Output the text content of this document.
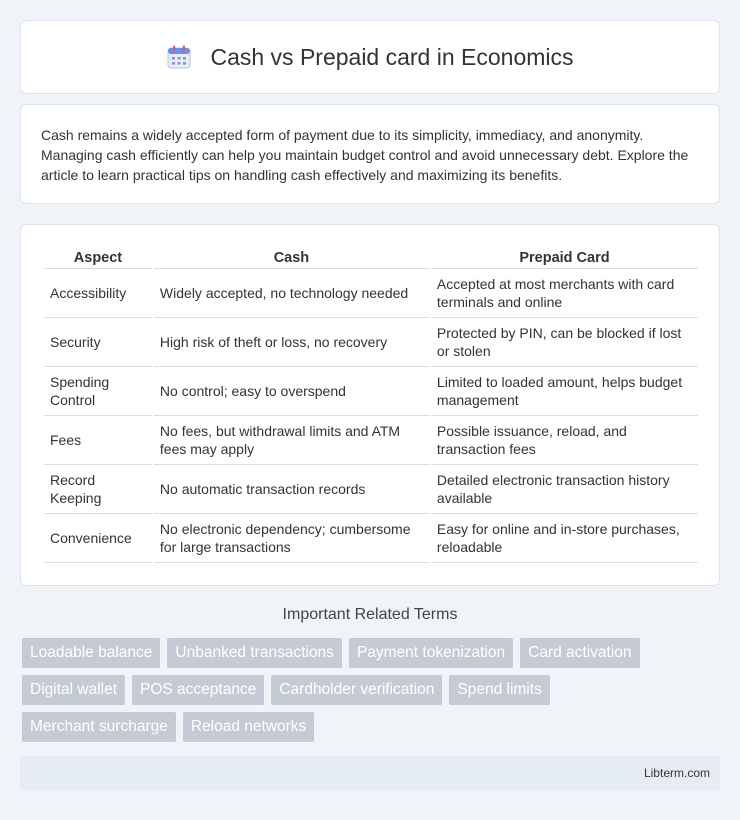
Cash vs Prepaid card in Economics

Cash remains a widely accepted form of payment due to its simplicity, immediacy, and anonymity. Managing cash efficiently can help you maintain budget control and avoid unnecessary debt. Explore the article to learn practical tips on handling cash effectively and maximizing its benefits.

Aspect	Cash	Prepaid Card
Accessibility	Widely accepted, no technology needed	Accepted at most merchants with card terminals and online
Security	High risk of theft or loss, no recovery	Protected by PIN, can be blocked if lost or stolen
Spending Control	No control; easy to overspend	Limited to loaded amount, helps budget management
Fees	No fees, but withdrawal limits and ATM fees may apply	Possible issuance, reload, and transaction fees
Record Keeping	No automatic transaction records	Detailed electronic transaction history available
Convenience	No electronic dependency; cumbersome for large transactions	Easy for online and in-store purchases, reloadable
Important Related Terms
Loadable balance	Unbanked transactions	Payment tokenization	Card activation
Digital wallet	POS acceptance	Cardholder verification	Spend limits
Merchant surcharge	Reload networks
Libterm.com
